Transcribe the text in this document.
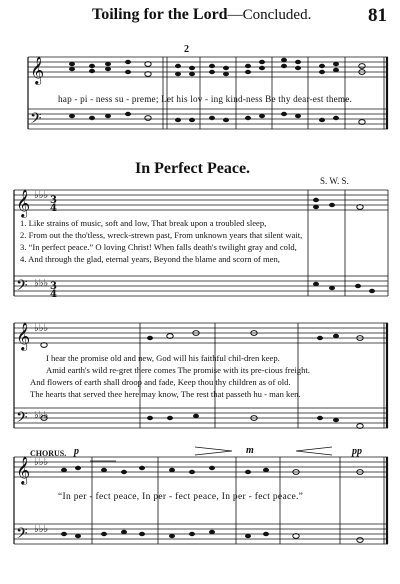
Toiling for the Lord—Concluded.	81
𝄞
𝄢
𝄞
𝄢
𝄞
𝄢
𝄞
𝄢
♭♭♭
♭♭♭
♭♭♭
♭♭♭
♭♭♭
♭♭♭
3
4
3
4
2
hap - pi - ness su - preme; Let his lov - ing kind-ness Be thy dear-est theme.
In Perfect Peace.
S. W. S.
1. Like strains of music, soft and low, That break upon a troubled sleep,
2. From out the tho'tless, wreck-strewn past, From unknown years that silent wait,
3. “In perfect peace.” O loving Christ! When falls death's twilight gray and cold,
4. And through the glad, eternal years, Beyond the blame and scorn of men,
I hear the promise old and new, God will his faithful chil-dren keep.
Amid earth's wild re-gret there comes The promise with its pre-cious freight.
And flowers of earth shall droop and fade, Keep thou thy children as of old.
The hearts that served thee here may know, The rest that passeth hu - man ken.
CHORUS. p	m	pp
“In per - fect peace, In per - fect peace, In per - fect peace.”
